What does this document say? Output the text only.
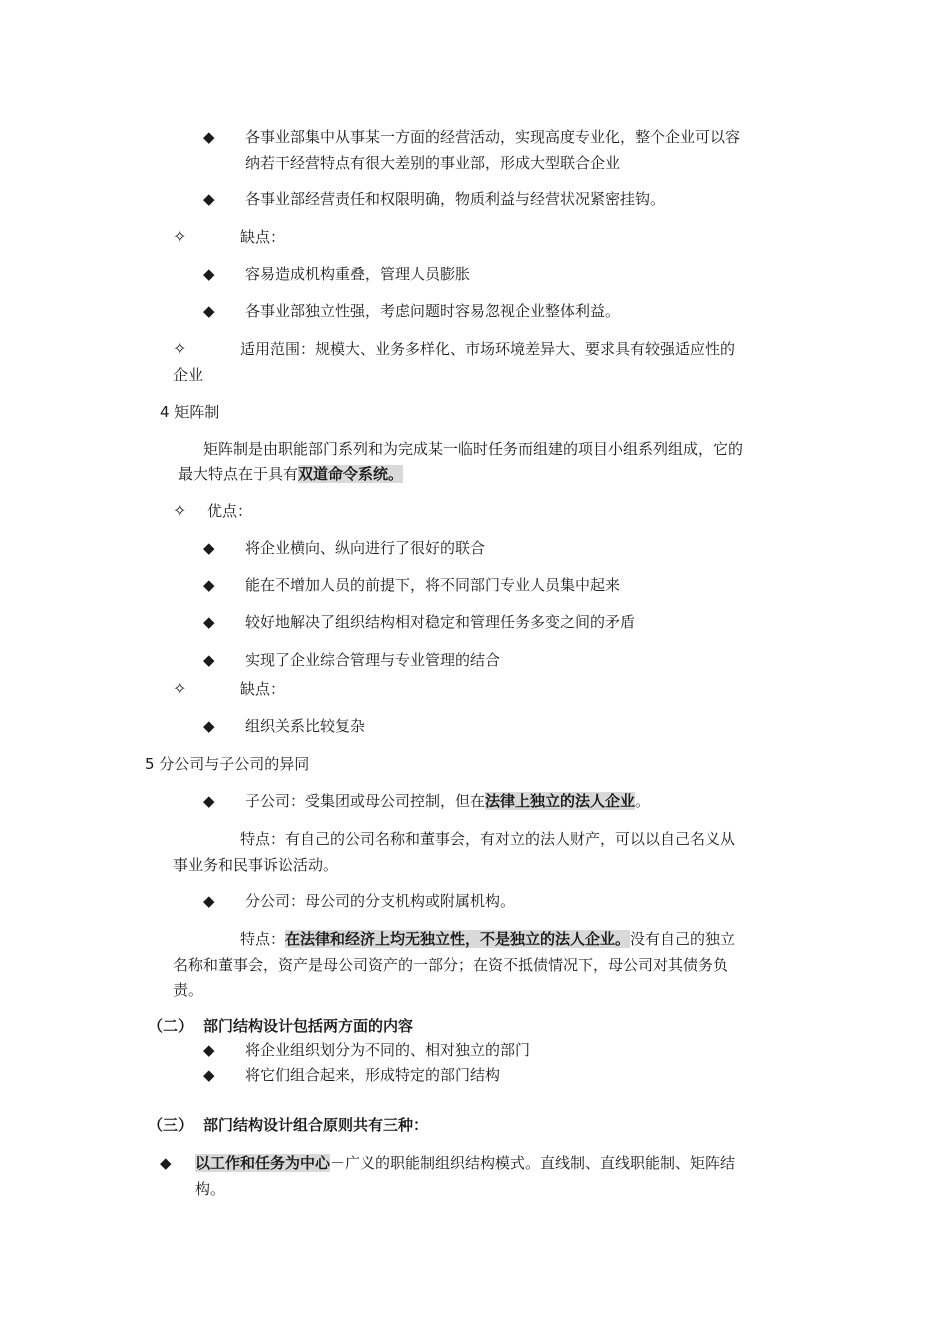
◆ 各事业部集中从事某一方面的经营活动，实现高度专业化，整个企业可以容
纳若干经营特点有很大差别的事业部，形成大型联合企业
◆ 各事业部经营责任和权限明确，物质利益与经营状况紧密挂钩。
✧	缺点：
◆ 容易造成机构重叠，管理人员膨胀
◆ 各事业部独立性强，考虑问题时容易忽视企业整体利益。
✧	适用范围：规模大、业务多样化、市场环境差异大、要求具有较强适应性的
企业
4 矩阵制
矩阵制是由职能部门系列和为完成某一临时任务而组建的项目小组系列组成，它的
最大特点在于具有双道命令系统。
✧ 优点：
◆ 将企业横向、纵向进行了很好的联合
◆ 能在不增加人员的前提下，将不同部门专业人员集中起来
◆ 较好地解决了组织结构相对稳定和管理任务多变之间的矛盾
◆ 实现了企业综合管理与专业管理的结合
✧	缺点：
◆ 组织关系比较复杂
5 分公司与子公司的异同
◆ 子公司：受集团或母公司控制，但在法律上独立的法人企业。
特点：有自己的公司名称和董事会，有对立的法人财产，可以以自己名义从
事业务和民事诉讼活动。
◆ 分公司：母公司的分支机构或附属机构。
特点：在法律和经济上均无独立性，不是独立的法人企业。没有自己的独立
名称和董事会，资产是母公司资产的一部分；在资不抵债情况下，母公司对其债务负
责。
（二） 部门结构设计包括两方面的内容
◆ 将企业组织划分为不同的、相对独立的部门
◆ 将它们组合起来，形成特定的部门结构
（三） 部门结构设计组合原则共有三种：
◆ 以工作和任务为中心－广义的职能制组织结构模式。直线制、直线职能制、矩阵结
构。
